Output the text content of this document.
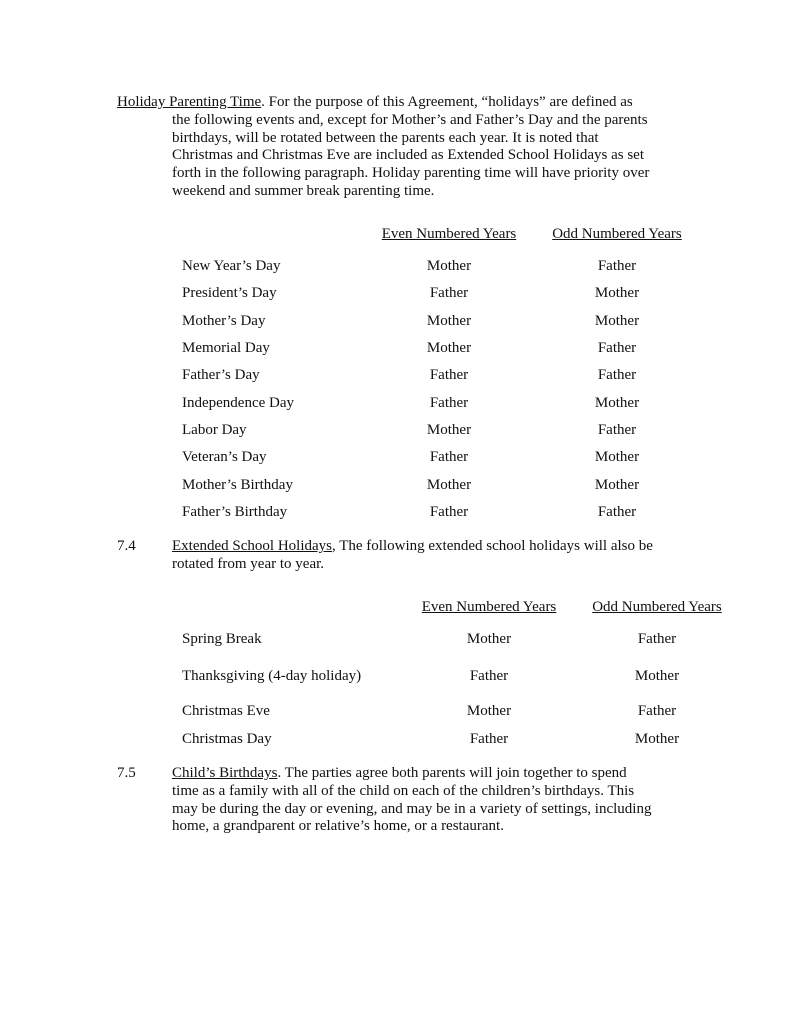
Holiday Parenting Time. For the purpose of this Agreement, “holidays” are defined as
the following events and, except for Mother’s and Father’s Day and the parents
birthdays, will be rotated between the parents each year. It is noted that
Christmas and Christmas Eve are included as Extended School Holidays as set
forth in the following paragraph. Holiday parenting time will have priority over
weekend and summer break parenting time.
	Even Numbered Years	Odd Numbered Years
New Year’s Day	Mother	Father
President’s Day	Father	Mother
Mother’s Day	Mother	Mother
Memorial Day	Mother	Father
Father’s Day	Father	Father
Independence Day	Father	Mother
Labor Day	Mother	Father
Veteran’s Day	Father	Mother
Mother’s Birthday	Mother	Mother
Father’s Birthday	Father	Father
7.4 Extended School Holidays, The following extended school holidays will also be
rotated from year to year.
	Even Numbered Years	Odd Numbered Years
Spring Break	Mother	Father
Thanksgiving (4-day holiday)	Father	Mother
Christmas Eve	Mother	Father
Christmas Day	Father	Mother
7.5 Child’s Birthdays. The parties agree both parents will join together to spend
time as a family with all of the child on each of the children’s birthdays. This
may be during the day or evening, and may be in a variety of settings, including
home, a grandparent or relative’s home, or a restaurant.
